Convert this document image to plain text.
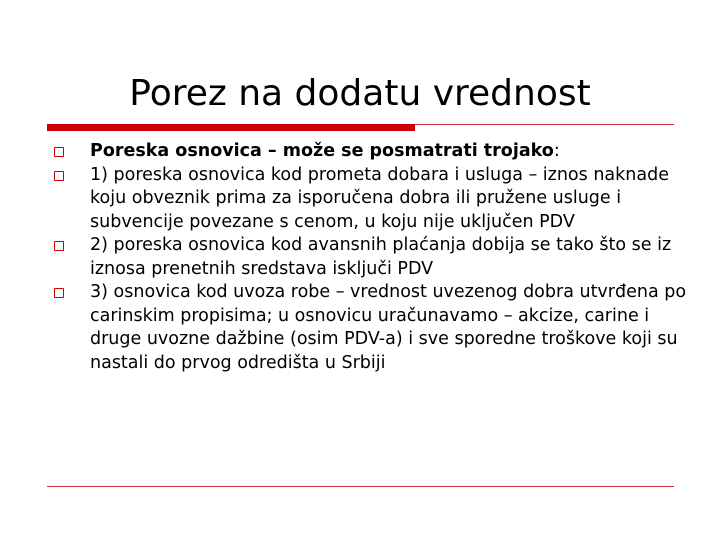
Porez na dodatu vrednost
Poreska osnovica – može se posmatrati trojako:
1) poreska osnovica kod prometa dobara i usluga – iznos naknade koju obveznik prima za isporučena dobra ili pružene usluge i subvencije povezane s cenom, u koju nije uključen PDV
2) poreska osnovica kod avansnih plaćanja dobija se tako što se iz iznosa prenetnih sredstava isključi PDV
3) osnovica kod uvoza robe – vrednost uvezenog dobra utvrđena po carinskim propisima; u osnovicu uračunavamo – akcize, carine i druge uvozne dažbine (osim PDV-a) i sve sporedne troškove koji su nastali do prvog odredišta u Srbiji
